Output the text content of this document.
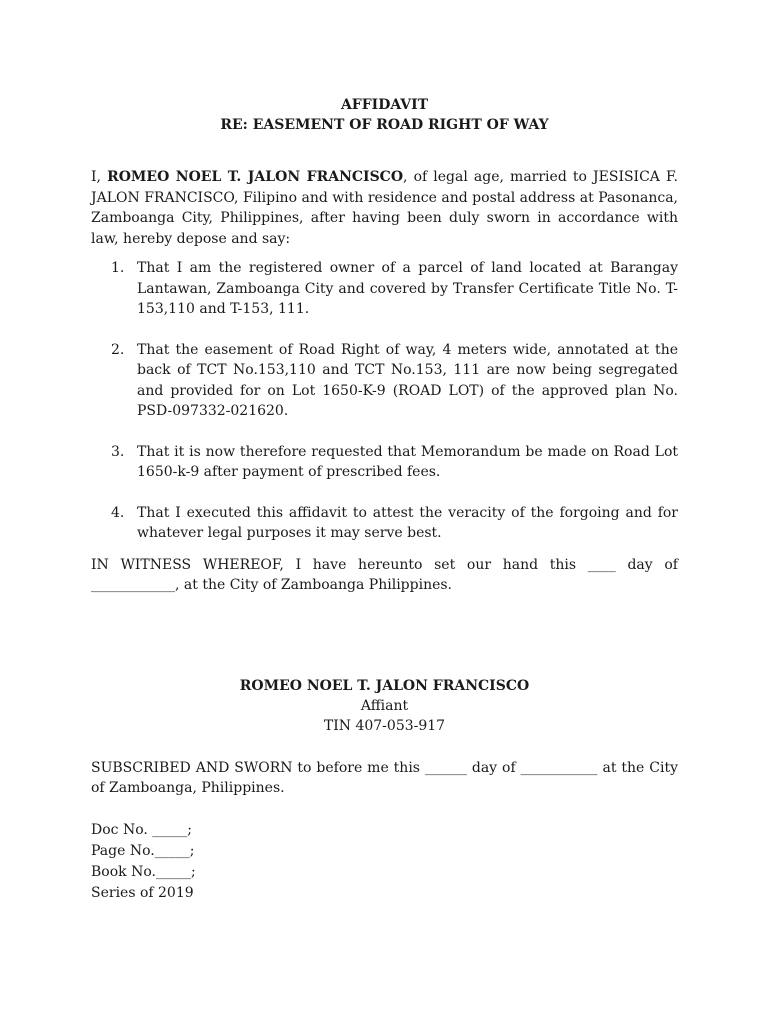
AFFIDAVIT
RE: EASEMENT OF ROAD RIGHT OF WAY
I, ROMEO NOEL T. JALON FRANCISCO, of legal age, married to JESISICA F. JALON FRANCISCO, Filipino and with residence and postal address at Pasonanca, Zamboanga City, Philippines, after having been duly sworn in accordance with law, hereby depose and say:
1. That I am the registered owner of a parcel of land located at Barangay Lantawan, Zamboanga City and covered by Transfer Certificate Title No. T-153,110 and T-153, 111.
2. That the easement of Road Right of way, 4 meters wide, annotated at the back of TCT No.153,110 and TCT No.153, 111 are now being segregated and provided for on Lot 1650-K-9 (ROAD LOT) of the approved plan No. PSD-097332-021620.
3. That it is now therefore requested that Memorandum be made on Road Lot 1650-k-9 after payment of prescribed fees.
4. That I executed this affidavit to attest the veracity of the forgoing and for whatever legal purposes it may serve best.
IN WITNESS WHEREOF, I have hereunto set our hand this ____ day of ____________, at the City of Zamboanga Philippines.
ROMEO NOEL T. JALON FRANCISCO
Affiant
TIN 407-053-917
SUBSCRIBED AND SWORN to before me this ______ day of ___________ at the City of Zamboanga, Philippines.
Doc No. _____;
Page No._____;
Book No._____;
Series of 2019
